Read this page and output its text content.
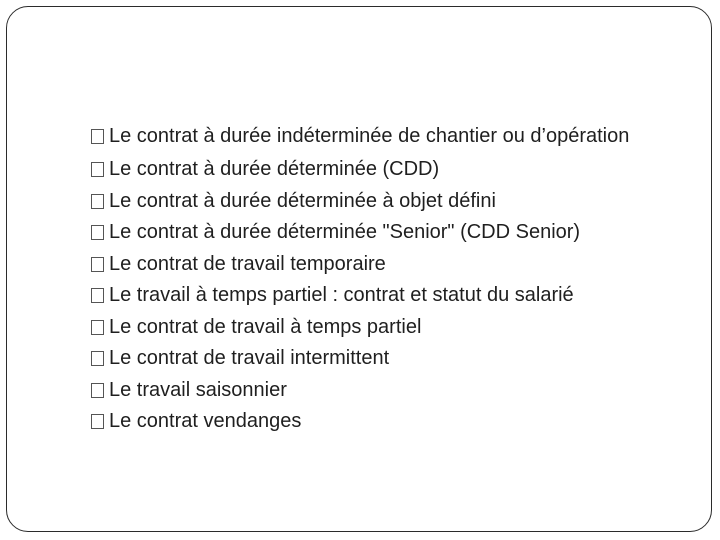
Le contrat à durée indéterminée de chantier ou d’opération
Le contrat à durée déterminée (CDD)
Le contrat à durée déterminée à objet défini
Le contrat à durée déterminée "Senior" (CDD Senior)
Le contrat de travail temporaire
Le travail à temps partiel : contrat et statut du salarié
Le contrat de travail à temps partiel
Le contrat de travail intermittent
Le travail saisonnier
Le contrat vendanges
